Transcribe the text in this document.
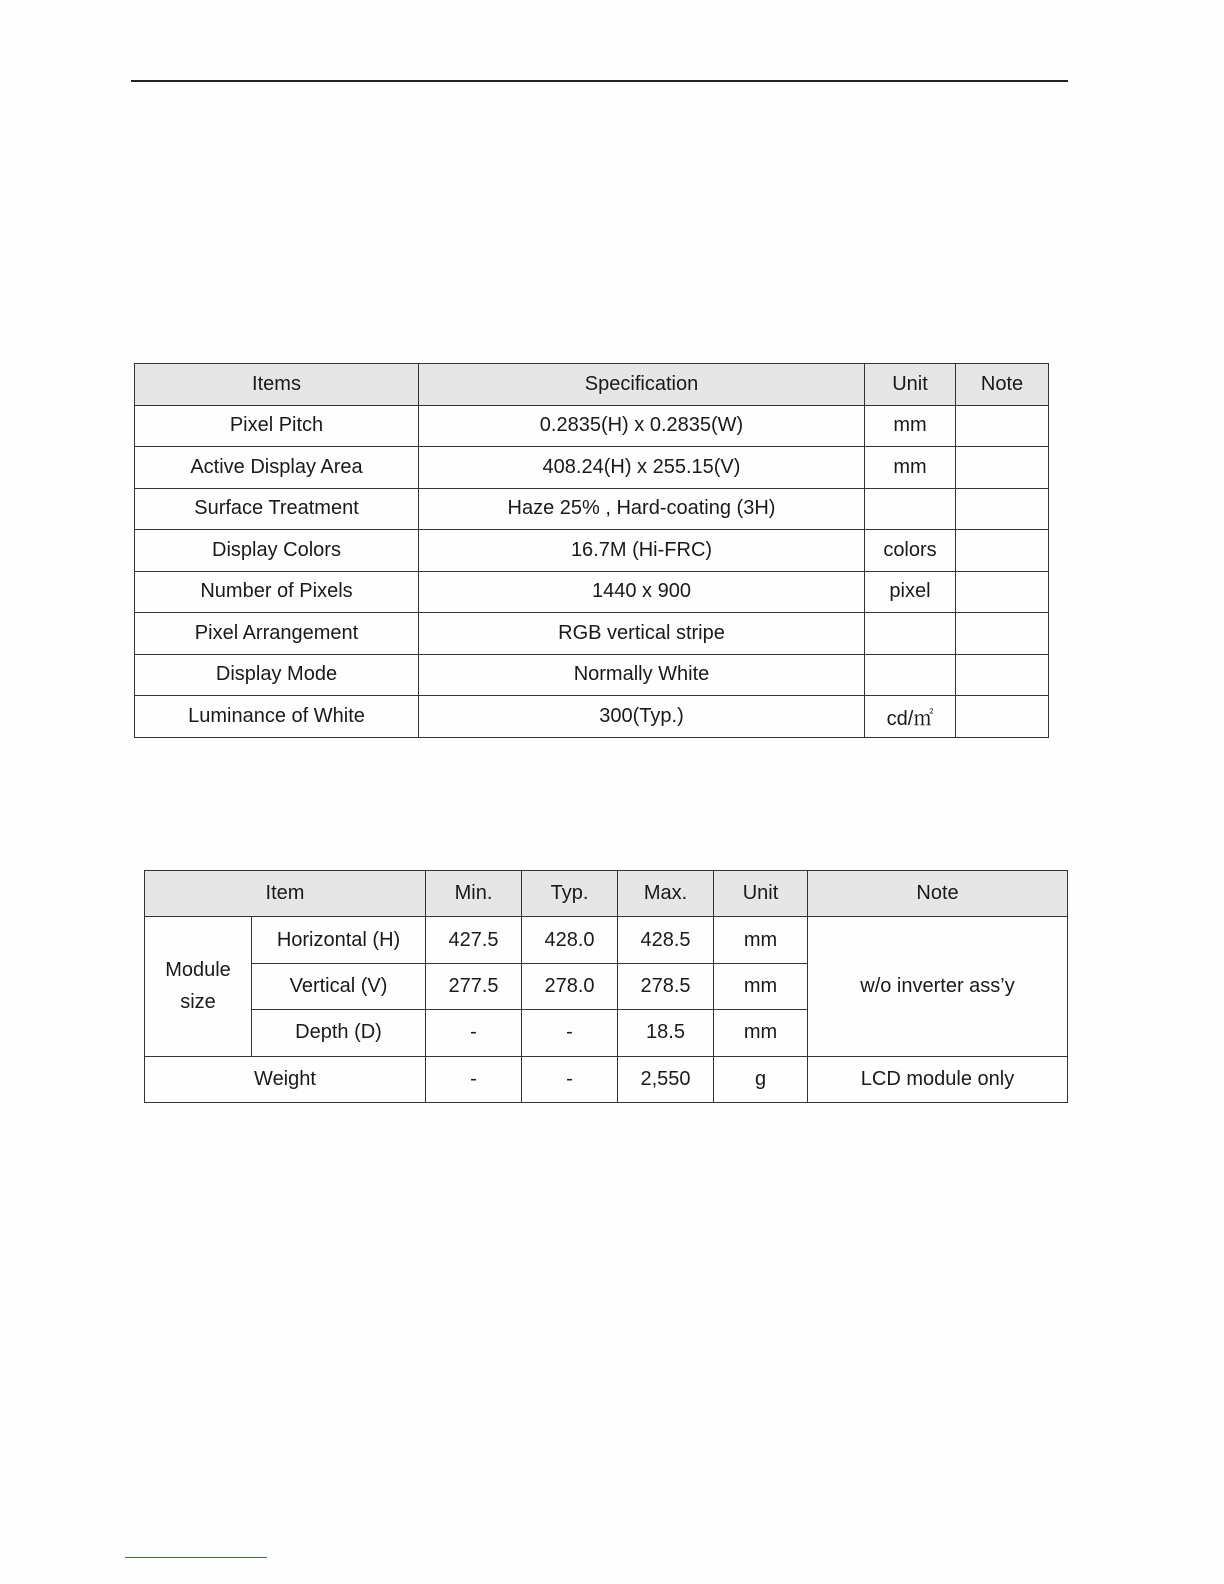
Items	Specification	Unit	Note
Pixel Pitch	0.2835(H) x 0.2835(W)	mm	
Active Display Area	408.24(H) x 255.15(V)	mm	
Surface Treatment	Haze 25% , Hard-coating (3H)		
Display Colors	16.7M (Hi-FRC)	colors	
Number of Pixels	1440 x 900	pixel	
Pixel Arrangement	RGB vertical stripe		
Display Mode	Normally White		
Luminance of White	300(Typ.)	cd/㎡	
Item		Min.	Typ.	Max.	Unit	Note
Module
size	Horizontal (H)	427.5	428.0	428.5	mm	w/o inverter ass’y
	Vertical (V)	277.5	278.0	278.5	mm	
	Depth (D)	-	-	18.5	mm	
Weight		-	-	2,550	g	LCD module only
